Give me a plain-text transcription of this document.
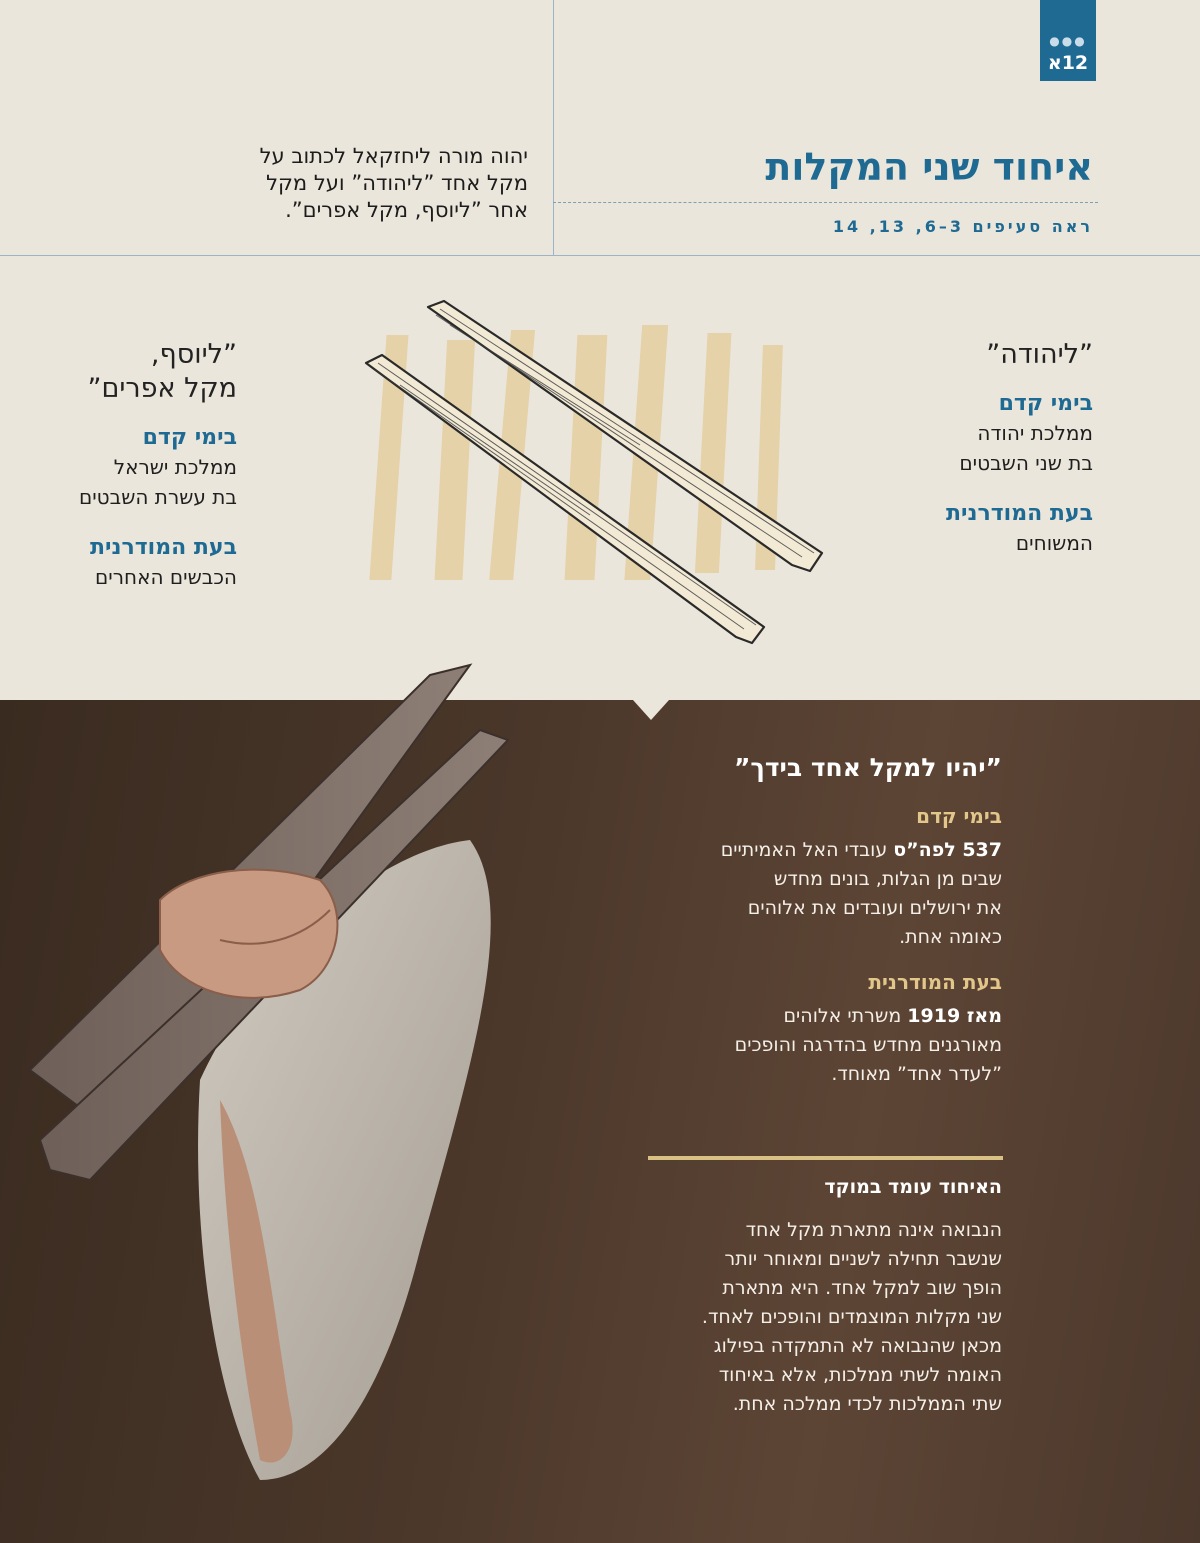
●●●
12א
איחוד שני המקלות
ראה סעיפים 3–6, 13, 14
יהוה מורה ליחזקאל לכתוב על
מקל אחד ”ליהודה” ועל מקל
אחר ”ליוסף, מקל אפרים”.
”ליהודה”
בימי קדם
ממלכת יהודה
בת שני השבטים
בעת המודרנית
המשוחים
”ליוסף,
מקל אפרים”
בימי קדם
ממלכת ישראל
בת עשרת השבטים
בעת המודרנית
הכבשים האחרים
”יהיו למקל אחד בידך”
בימי קדם
537 לפה”ס עובדי האל האמיתיים
שבים מן הגלות, בונים מחדש
את ירושלים ועובדים את אלוהים
כאומה אחת.
בעת המודרנית
מאז 1919 משרתי אלוהים
מאורגנים מחדש בהדרגה והופכים
”לעדר אחד” מאוחד.
האיחוד עומד במוקד
הנבואה אינה מתארת מקל אחד
שנשבר תחילה לשניים ומאוחר יותר
הופך שוב למקל אחד. היא מתארת
שני מקלות המוצמדים והופכים לאחד.
מכאן שהנבואה לא התמקדה בפילוג
האומה לשתי ממלכות, אלא באיחוד
שתי הממלכות לכדי ממלכה אחת.
